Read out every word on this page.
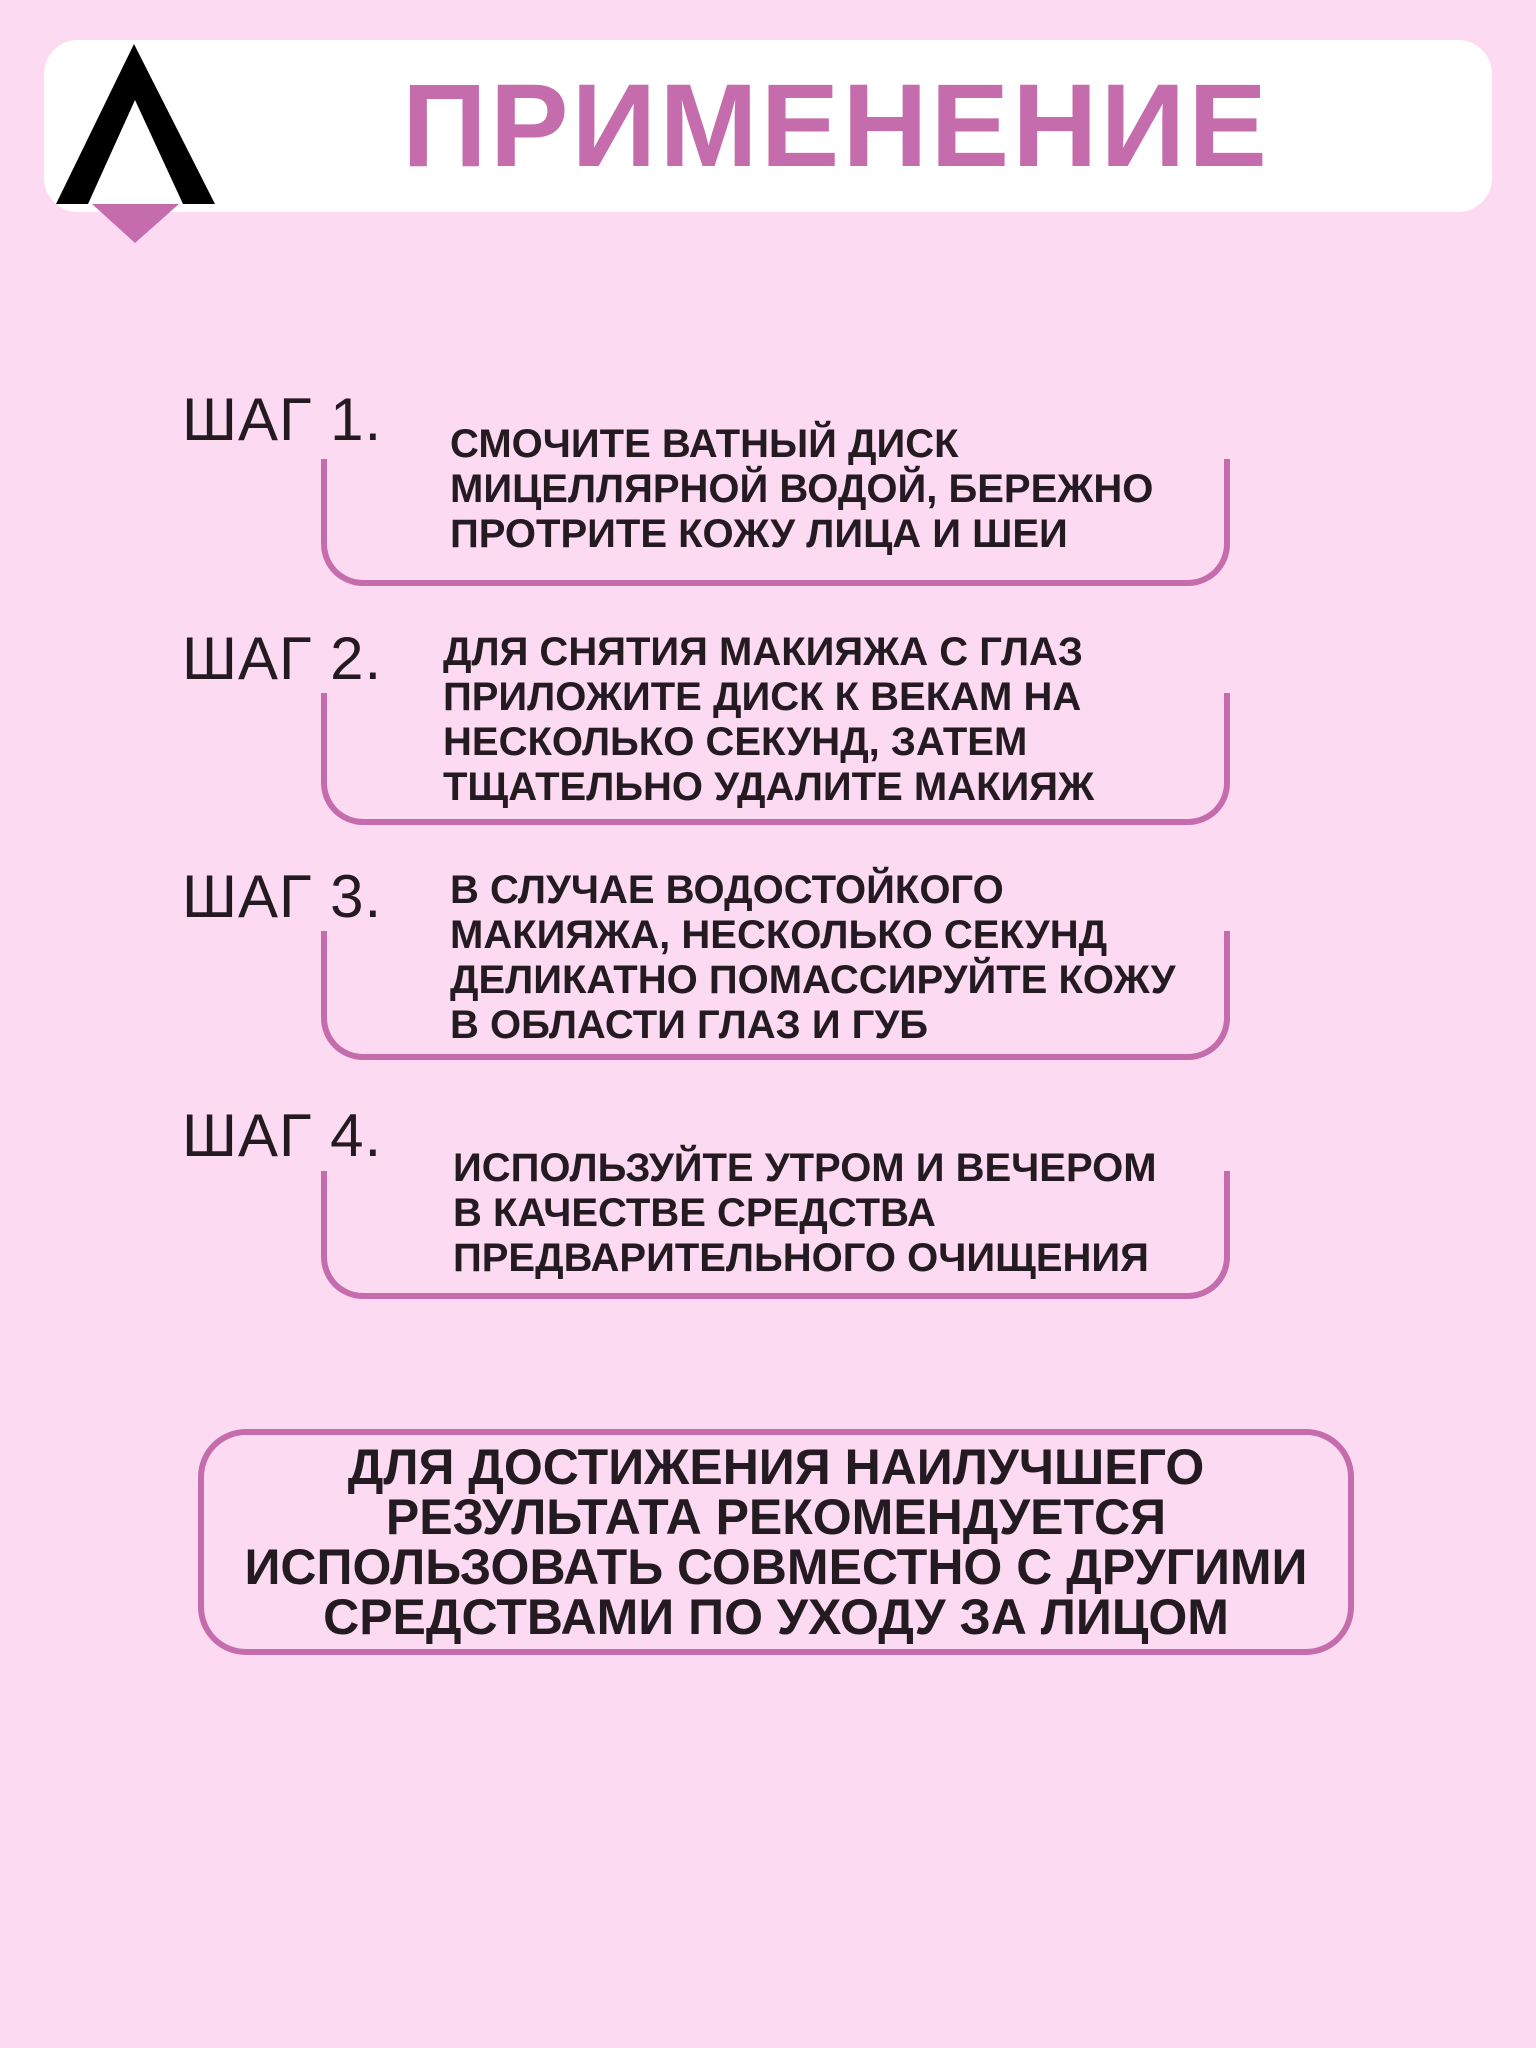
ПРИМЕНЕНИЕ
ШАГ 1. СМОЧИТЕ ВАТНЫЙ ДИСК
МИЦЕЛЛЯРНОЙ ВОДОЙ, БЕРЕЖНО
ПРОТРИТЕ КОЖУ ЛИЦА И ШЕИ
ШАГ 2. ДЛЯ СНЯТИЯ МАКИЯЖА С ГЛАЗ
ПРИЛОЖИТЕ ДИСК К ВЕКАМ НА
НЕСКОЛЬКО СЕКУНД, ЗАТЕМ
ТЩАТЕЛЬНО УДАЛИТЕ МАКИЯЖ
ШАГ 3. В СЛУЧАЕ ВОДОСТОЙКОГО
МАКИЯЖА, НЕСКОЛЬКО СЕКУНД
ДЕЛИКАТНО ПОМАССИРУЙТЕ КОЖУ
В ОБЛАСТИ ГЛАЗ И ГУБ
ШАГ 4. ИСПОЛЬЗУЙТЕ УТРОМ И ВЕЧЕРОМ
В КАЧЕСТВЕ СРЕДСТВА
ПРЕДВАРИТЕЛЬНОГО ОЧИЩЕНИЯ
ДЛЯ ДОСТИЖЕНИЯ НАИЛУЧШЕГО
РЕЗУЛЬТАТА РЕКОМЕНДУЕТСЯ
ИСПОЛЬЗОВАТЬ СОВМЕСТНО С ДРУГИМИ
СРЕДСТВАМИ ПО УХОДУ ЗА ЛИЦОМ
